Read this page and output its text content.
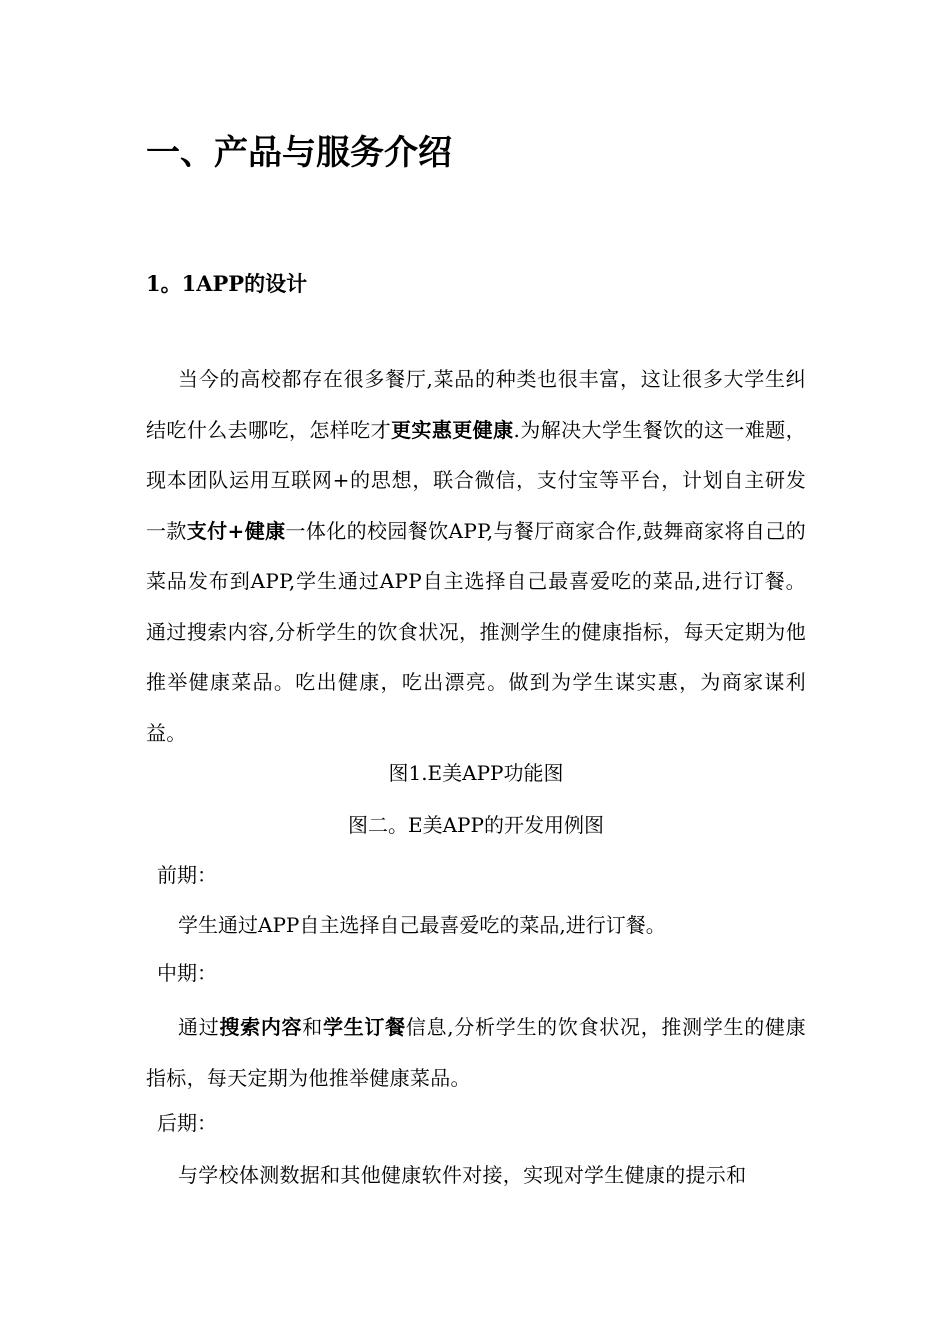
一、产品与服务介绍
1。1APP的设计

当今的高校都存在很多餐厅,菜品的种类也很丰富，这让很多大学生纠结吃什么去哪吃，怎样吃才更实惠更健康.为解决大学生餐饮的这一难题，现本团队运用互联网+的思想，联合微信，支付宝等平台，计划自主研发一款支付+健康一体化的校园餐饮APP,与餐厅商家合作,鼓舞商家将自己的菜品发布到APP,学生通过APP自主选择自己最喜爱吃的菜品,进行订餐。通过搜索内容,分析学生的饮食状况，推测学生的健康指标，每天定期为他推举健康菜品。吃出健康，吃出漂亮。做到为学生谋实惠，为商家谋利益。

图1.E美APP功能图
图二。E美APP的开发用例图
前期：
学生通过APP自主选择自己最喜爱吃的菜品,进行订餐。
中期：

通过搜索内容和学生订餐信息,分析学生的饮食状况，推测学生的健康指标，每天定期为他推举健康菜品。

后期：

与学校体测数据和其他健康软件对接，实现对学生健康的提示和
